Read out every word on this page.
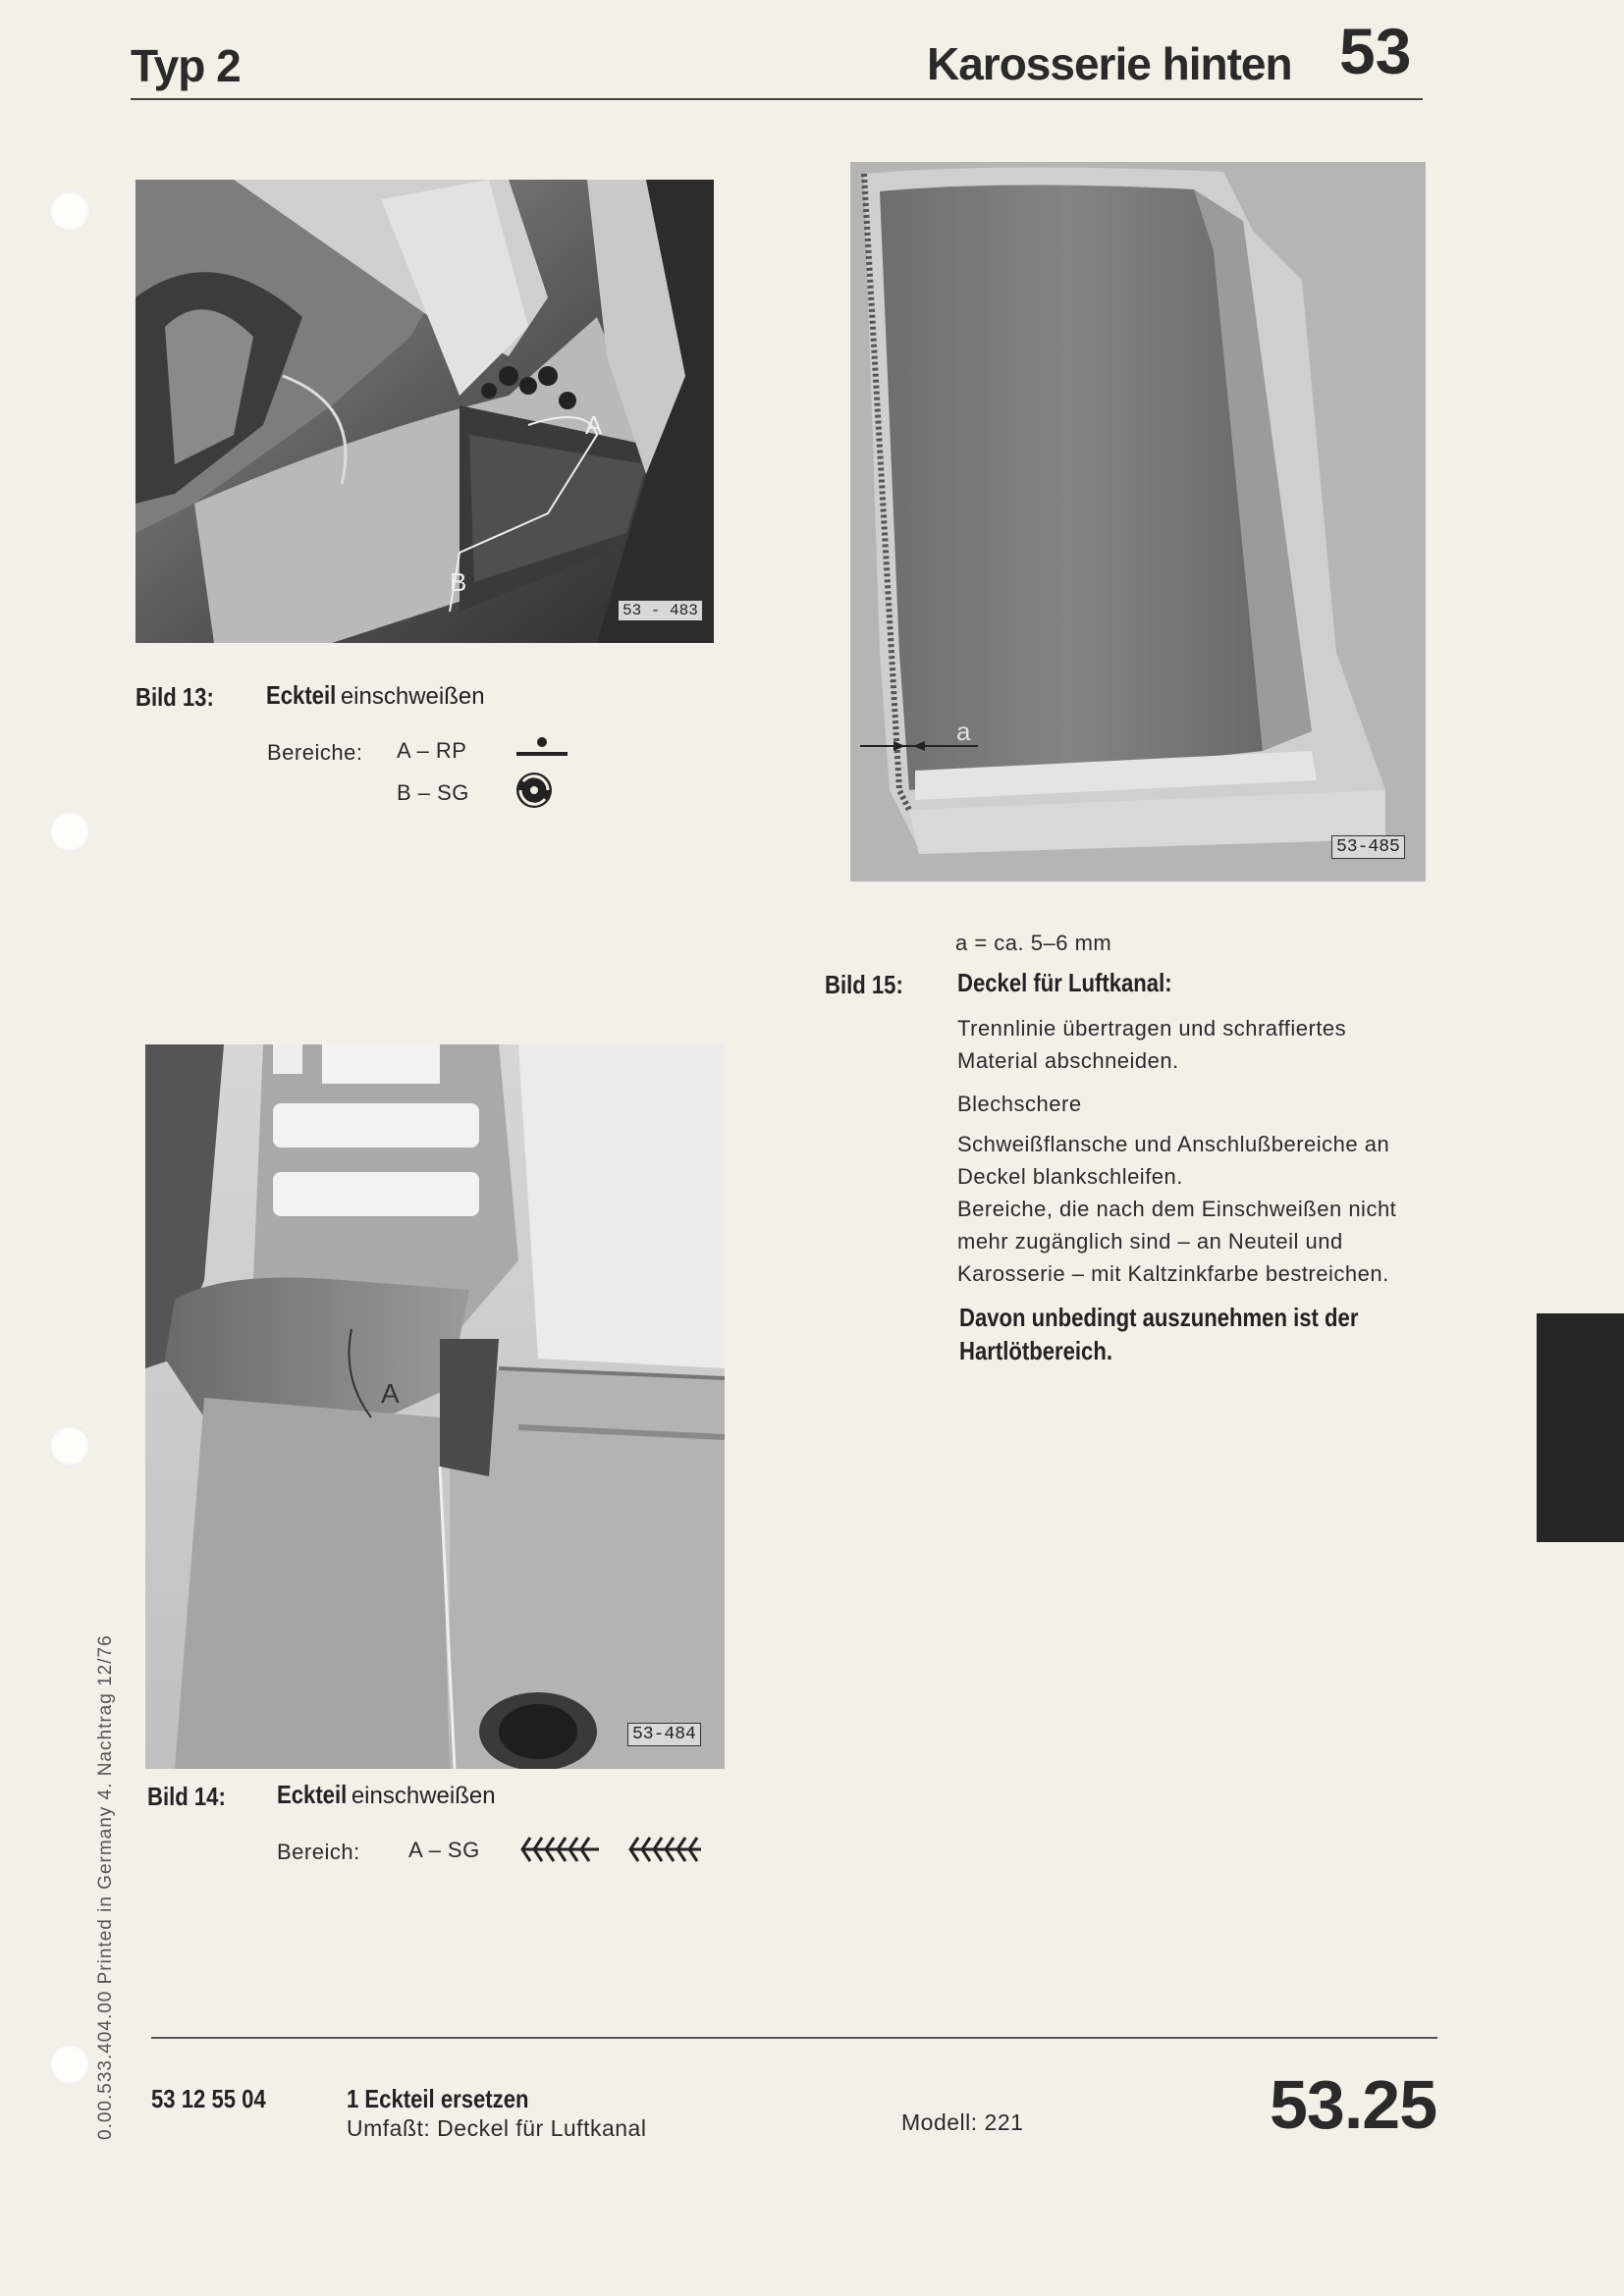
Typ 2	Karosserie hinten 53
A
B
53 - 483
Bild 13: Eckteil einschweißen
Bereiche: A – RP
B – SG
a
53-485
a = ca. 5–6 mm
Bild 15: Deckel für Luftkanal:
Trennlinie übertragen und schraffiertes
Material abschneiden.
Blechschere
Schweißflansche und Anschlußbereiche an
Deckel blankschleifen.
Bereiche, die nach dem Einschweißen nicht
mehr zugänglich sind – an Neuteil und
Karosserie – mit Kaltzinkfarbe bestreichen.
Davon unbedingt auszunehmen ist der
Hartlötbereich.
A
53-484
Bild 14: Eckteil einschweißen
Bereich: A – SG
0.00.533.404.00 Printed in Germany 4. Nachtrag 12/76 53 12 55 04	1 Eckteil ersetzen
Umfaßt: Deckel für Luftkanal	Modell: 221	53.25
